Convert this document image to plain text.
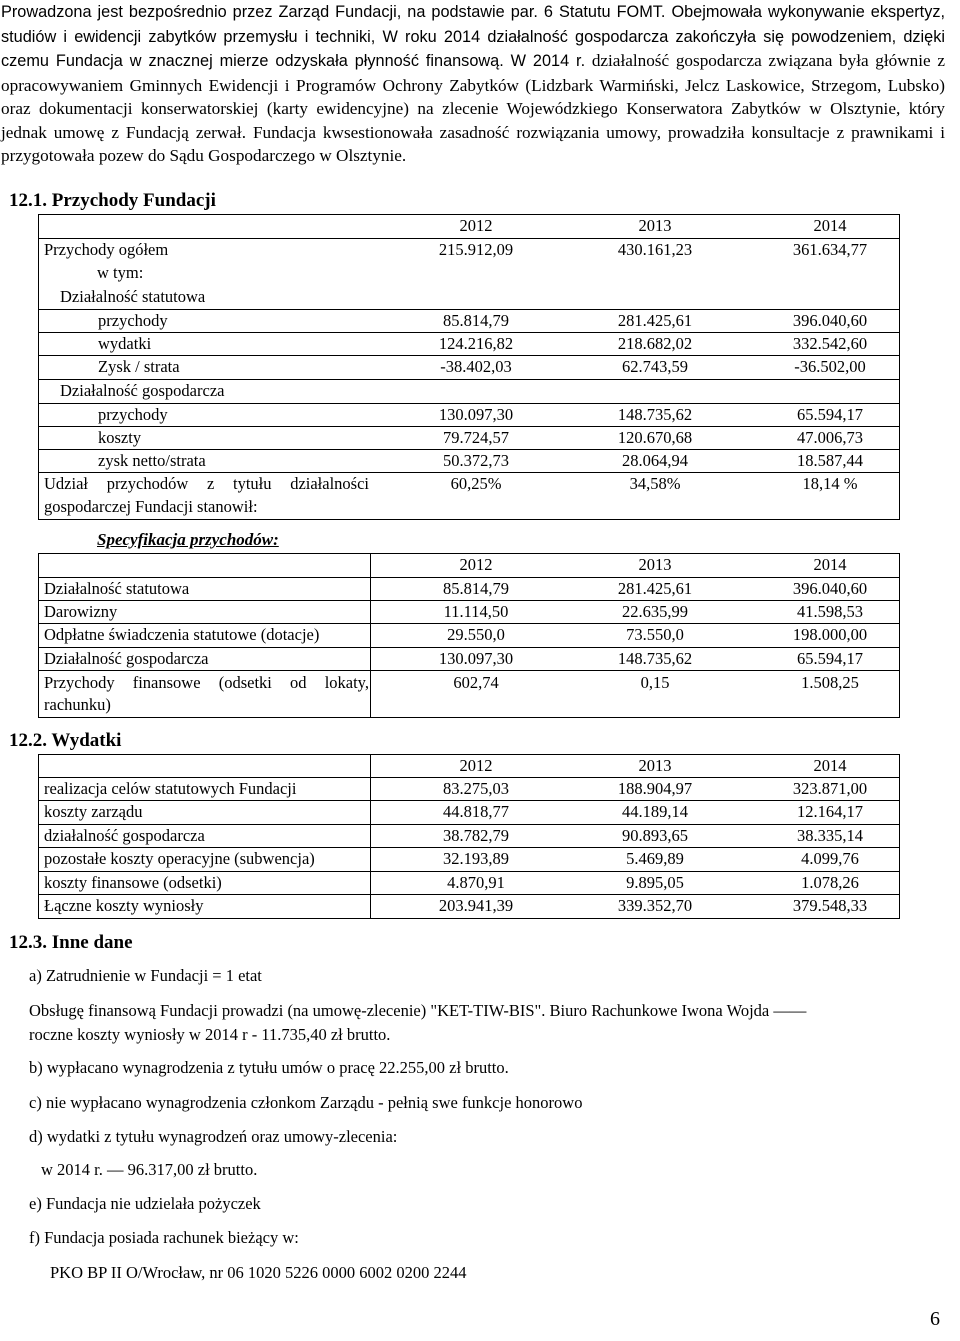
Prowadzona jest bezpośrednio przez Zarząd Fundacji, na podstawie par. 6 Statutu FOMT. Obejmowała wykonywanie ekspertyz, studiów i ewidencji zabytków przemysłu i techniki, W roku 2014 działalność gospodarcza zakończyła się powodzeniem, dzięki czemu Fundacja w znacznej mierze odzyskała płynność finansową. W 2014 r. działalność gospodarcza związana była głównie z opracowywaniem Gminnych Ewidencji i Programów Ochrony Zabytków (Lidzbark Warmiński, Jelcz Laskowice, Strzegom, Lubsko) oraz dokumentacji konserwatorskiej (karty ewidencyjne) na zlecenie Wojewódzkiego Konserwatora Zabytków w Olsztynie, który jednak umowę z Fundacją zerwał. Fundacja kwsestionowała zasadność rozwiązania umowy, prowadziła konsultacje z prawnikami i przygotowała pozew do Sądu Gospodarczego w Olsztynie.

12.1. Przychody Fundacji
2012	2013	2014
Przychody ogółem	215.912,09	430.161,23	361.634,77
w tym:
Działalność statutowa
przychody	85.814,79	281.425,61	396.040,60
wydatki	124.216,82	218.682,02	332.542,60
Zysk / strata	-38.402,03	62.743,59	-36.502,00
Działalność gospodarcza
przychody	130.097,30	148.735,62	65.594,17
koszty	79.724,57	120.670,68	47.006,73
zysk netto/strata	50.372,73	28.064,94	18.587,44
Udział przychodów z tytułu działalności
gospodarczej Fundacji stanowił:
60,25%	34,58%	18,14 %
Specyfikacja przychodów:
2012	2013	2014
Działalność statutowa	85.814,79	281.425,61	396.040,60
Darowizny	11.114,50	22.635,99	41.598,53
Odpłatne świadczenia statutowe (dotacje)	29.550,0	73.550,0	198.000,00
Działalność gospodarcza	130.097,30	148.735,62	65.594,17
Przychody finansowe (odsetki od lokaty,
rachunku)
602,74	0,15	1.508,25
12.2. Wydatki
2012	2013	2014
realizacja celów statutowych Fundacji	83.275,03	188.904,97	323.871,00
koszty zarządu	44.818,77	44.189,14	12.164,17
działalność gospodarcza	38.782,79	90.893,65	38.335,14
pozostałe koszty operacyjne (subwencja)	32.193,89	5.469,89	4.099,76
koszty finansowe (odsetki)	4.870,91	9.895,05	1.078,26
Łączne koszty wyniosły	203.941,39	339.352,70	379.548,33
12.3. Inne dane
a) Zatrudnienie w Fundacji = 1 etat
Obsługę finansową Fundacji prowadzi (na umowę-zlecenie) "KET-TIW-BIS". Biuro Rachunkowe Iwona Wojda ——
roczne koszty wyniosły w 2014 r - 11.735,40 zł brutto.
b) wypłacano wynagrodzenia z tytułu umów o pracę 22.255,00 zł brutto.
c) nie wypłacano wynagrodzenia członkom Zarządu - pełnią swe funkcje honorowo
d) wydatki z tytułu wynagrodzeń oraz umowy-zlecenia:
w 2014 r. — 96.317,00 zł brutto.
e) Fundacja nie udzielała pożyczek
f) Fundacja posiada rachunek bieżący w:
PKO BP II O/Wrocław, nr 06 1020 5226 0000 6002 0200 2244
6
